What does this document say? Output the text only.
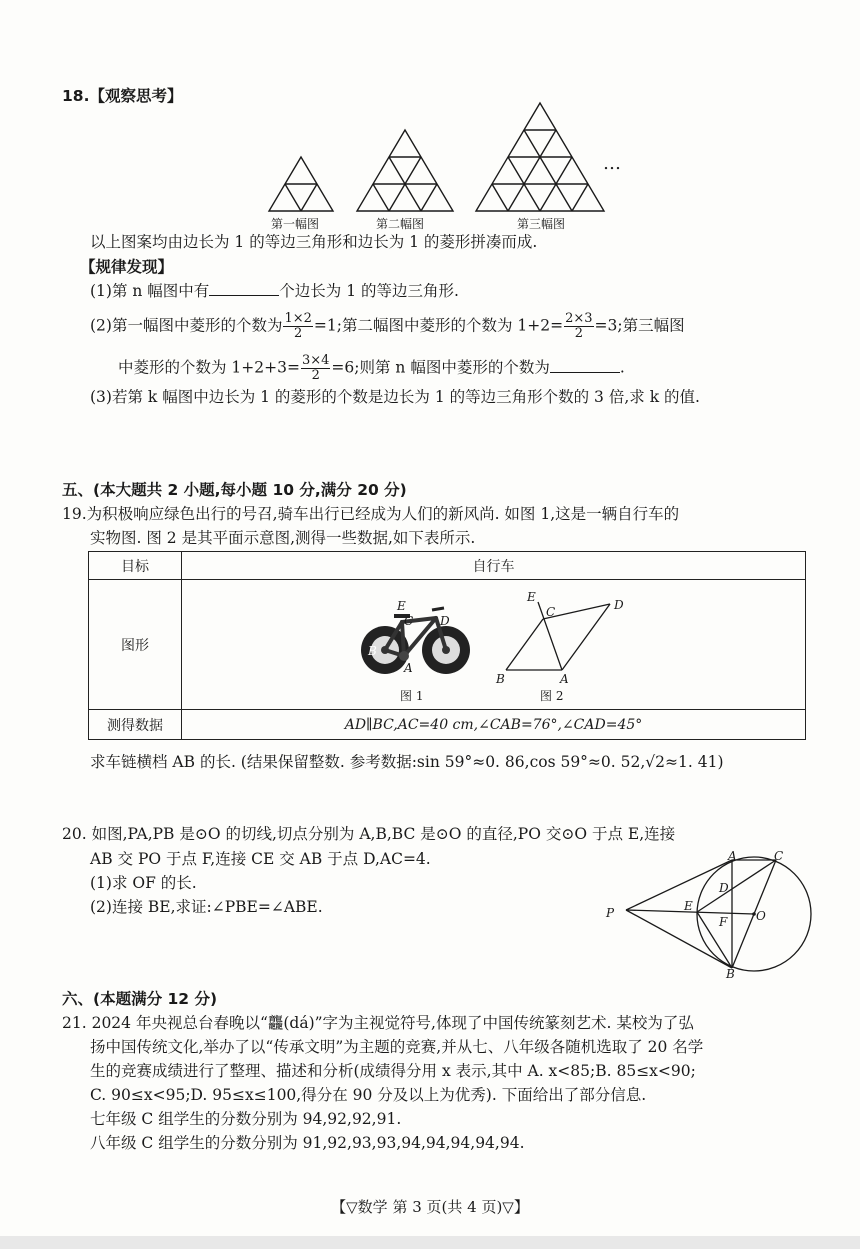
18.【观察思考】
…
第一幅图	第二幅图	第三幅图
以上图案均由边长为 1 的等边三角形和边长为 1 的菱形拼凑而成.
【规律发现】
(1)第 n 幅图中有	个边长为 1 的等边三角形.
(2)第一幅图中菱形的个数为 $\frac{1\times 2}{2} =1$;第二幅图中菱形的个数为 $1+2= \frac{2\times 3}{2} =3$;第三幅图
中菱形的个数为 $1+2+3= \frac{3\times 4}{2} =6$;则第 n 幅图中菱形的个数为	.
(3)若第 k 幅图中边长为 1 的菱形的个数是边长为 1 的等边三角形个数的 3 倍,求 k 的值.
五、(本大题共 2 小题,每小题 10 分,满分 20 分)
19.为积极响应绿色出行的号召,骑车出行已经成为人们的新风尚. 如图 1,这是一辆自行车的
实物图. 图 2 是其平面示意图,测得一些数据,如下表所示.
目标	自行车
图形	
测得数据	AD∥BC,AC=40 cm,∠CAB=76°,∠CAD=45°
E
C D
B
A
图 1
E
C	D
B	A
图 2
求车链横档 AB 的长. (结果保留整数. 参考数据:sin 59°≈0. 86,cos 59°≈0. 52,√2≈1. 41)
20. 如图,PA,PB 是⊙O 的切线,切点分别为 A,B,BC 是⊙O 的直径,PO 交⊙O 于点 E,连接
AB 交 PO 于点 F,连接 CE 交 AB 于点 D,AC=4.
(1)求 OF 的长.
(2)连接 BE,求证:∠PBE=∠ABE.	P
A	C
D
E
F O
B
六、(本题满分 12 分)
21. 2024 年央视总台春晚以“龘(dá)”字为主视觉符号,体现了中国传统篆刻艺术. 某校为了弘
扬中国传统文化,举办了以“传承文明”为主题的竞赛,并从七、八年级各随机选取了 20 名学
生的竞赛成绩进行了整理、描述和分析(成绩得分用 x 表示,其中 A. x<85;B. 85≤x<90;
C. 90≤x<95;D. 95≤x≤100,得分在 90 分及以上为优秀). 下面给出了部分信息.
七年级 C 组学生的分数分别为 94,92,92,91.
八年级 C 组学生的分数分别为 91,92,93,93,94,94,94,94,94.
【▽数学 第 3 页(共 4 页)▽】
